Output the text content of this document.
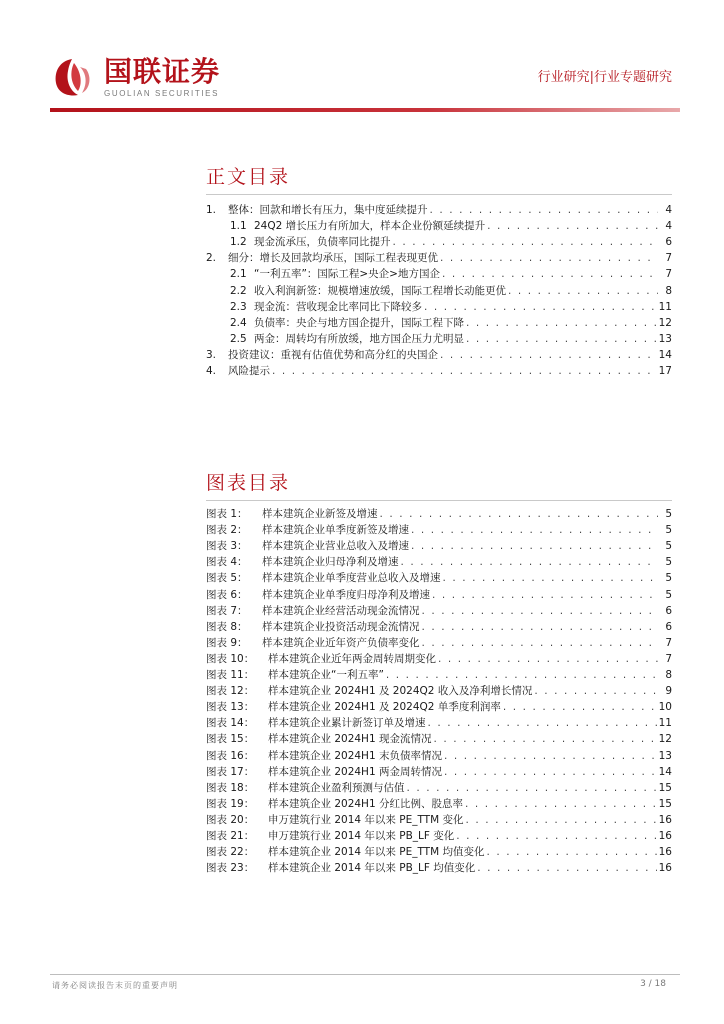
国联证券
GUOLIAN SECURITIES
行业研究|行业专题研究
正文目录
1.	整体：回款和增长有压力，集中度延续提升 . . .	4
1.1 24Q2 增长压力有所加大，样本企业份额延续提升 . . .	4
1.2 现金流承压，负债率同比提升 . . .	6
2.	细分：增长及回款均承压，国际工程表现更优 . . .	7
2.1 “一利五率”：国际工程>央企>地方国企 . . .	7
2.2 收入利润新签：规模增速放缓，国际工程增长动能更优 . . .	8
2.3 现金流：营收现金比率同比下降较多 . . .	11
2.4 负债率：央企与地方国企提升，国际工程下降 . . .	12
2.5 两金：周转均有所放缓，地方国企压力尤明显 . . .	13
3.	投资建议：重视有估值优势和高分红的央国企 . . .	14
4.	风险提示 . . .	17
图表目录
图表 1：	样本建筑企业新签及增速 . . .	5
图表 2：	样本建筑企业单季度新签及增速 . . .	5
图表 3：	样本建筑企业营业总收入及增速 . . .	5
图表 4：	样本建筑企业归母净利及增速 . . .	5
图表 5：	样本建筑企业单季度营业总收入及增速 . . .	5
图表 6：	样本建筑企业单季度归母净利及增速 . . .	5
图表 7：	样本建筑企业经营活动现金流情况 . . .	6
图表 8：	样本建筑企业投资活动现金流情况 . . .	6
图表 9：	样本建筑企业近年资产负债率变化 . . .	7
图表 10：	样本建筑企业近年两金周转周期变化 . . .	7
图表 11：	样本建筑企业“一利五率” . . .	8
图表 12：	样本建筑企业 2024H1 及 2024Q2 收入及净利增长情况 . . .	9
图表 13：	样本建筑企业 2024H1 及 2024Q2 单季度利润率 . . .	10
图表 14：	样本建筑企业累计新签订单及增速 . . .	11
图表 15：	样本建筑企业 2024H1 现金流情况 . . .	12
图表 16：	样本建筑企业 2024H1 末负债率情况 . . .	13
图表 17：	样本建筑企业 2024H1 两金周转情况 . . .	14
图表 18：	样本建筑企业盈利预测与估值 . . .	15
图表 19：	样本建筑企业 2024H1 分红比例、股息率 . . .	15
图表 20：	申万建筑行业 2014 年以来 PE_TTM 变化 . . .	16
图表 21：	申万建筑行业 2014 年以来 PB_LF 变化 . . .	16
图表 22：	样本建筑企业 2014 年以来 PE_TTM 均值变化 . . .	16
图表 23：	样本建筑企业 2014 年以来 PB_LF 均值变化 . . .	16
请务必阅读报告末页的重要声明	3 / 18
